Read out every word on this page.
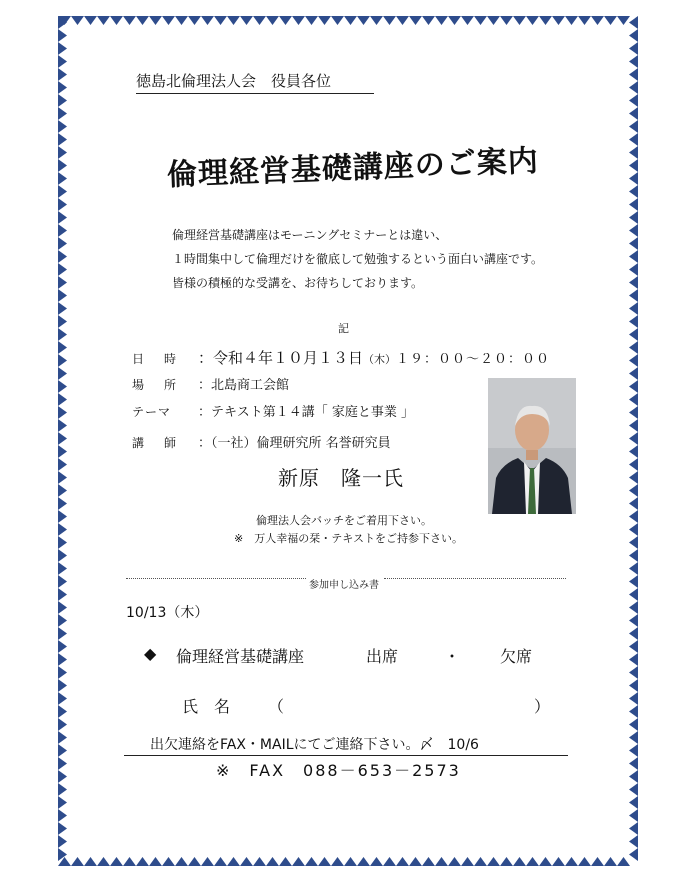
徳島北倫理法人会　役員各位
倫理経営基礎講座のご案内
倫理経営基礎講座はモーニングセミナーとは違い、
１時間集中して倫理だけを徹底して勉強するという面白い講座です。
皆様の積極的な受講を、お待ちしております。
記
日　時 ：令和４年１０月１３日（木）１９：００～２０：００
場　所 ：北島商工会館
テーマ ：テキスト第１４講「 家庭と事業 」
講　師 ：（一社）倫理研究所 名誉研究員
新原　隆一氏
倫理法人会バッチをご着用下さい。
※　万人幸福の栞・テキストをご持参下さい。
参加申し込み書
10/13（木）
◆ 倫理経営基礎講座	出席	・ 欠席
氏　名 （	）
出欠連絡をFAX・MAILにてご連絡下さい。〆　10/6
※　FAX　088－653－2573
